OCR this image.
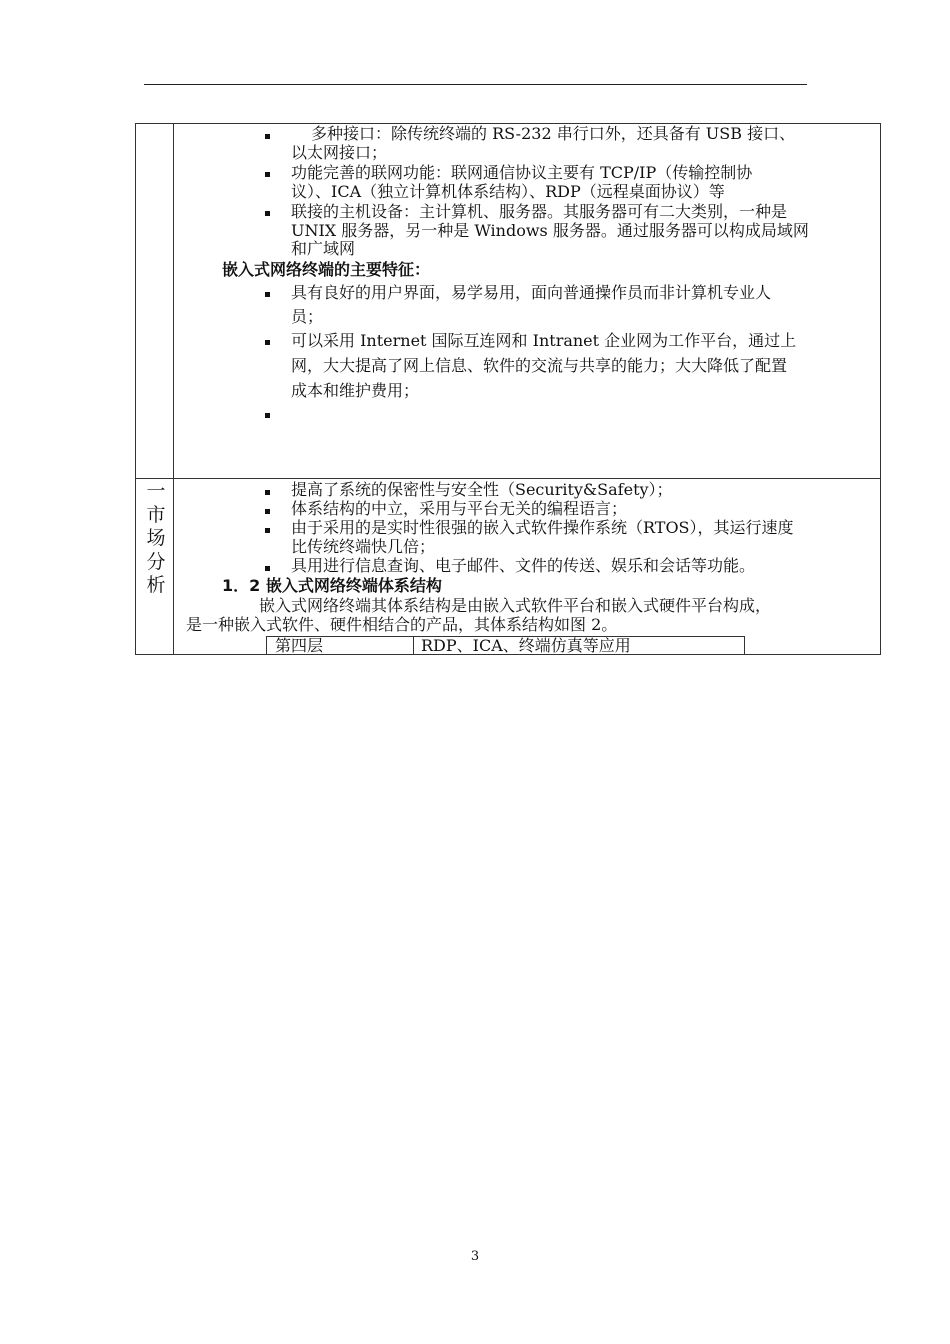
一
市
场
分
析
多种接口：除传统终端的 RS-232 串行口外，还具备有 USB 接口、
以太网接口；
功能完善的联网功能：联网通信协议主要有 TCP/IP（传输控制协
议）、ICA（独立计算机体系结构）、RDP（远程桌面协议）等
联接的主机设备：主计算机、服务器。其服务器可有二大类别，一种是
UNIX 服务器，另一种是 Windows 服务器。通过服务器可以构成局域网
和广域网
嵌入式网络终端的主要特征：
具有良好的用户界面，易学易用，面向普通操作员而非计算机专业人
员；
可以采用 Internet 国际互连网和 Intranet 企业网为工作平台，通过上
网，大大提高了网上信息、软件的交流与共享的能力；大大降低了配置
成本和维护费用；
提高了系统的保密性与安全性（Security&Safety）；
体系结构的中立，采用与平台无关的编程语言；
由于采用的是实时性很强的嵌入式软件操作系统（RTOS），其运行速度
比传统终端快几倍；
具用进行信息查询、电子邮件、文件的传送、娱乐和会话等功能。
1．2 嵌入式网络终端体系结构
嵌入式网络终端其体系结构是由嵌入式软件平台和嵌入式硬件平台构成，
是一种嵌入式软件、硬件相结合的产品，其体系结构如图 2。
第四层	RDP、ICA、终端仿真等应用
3
